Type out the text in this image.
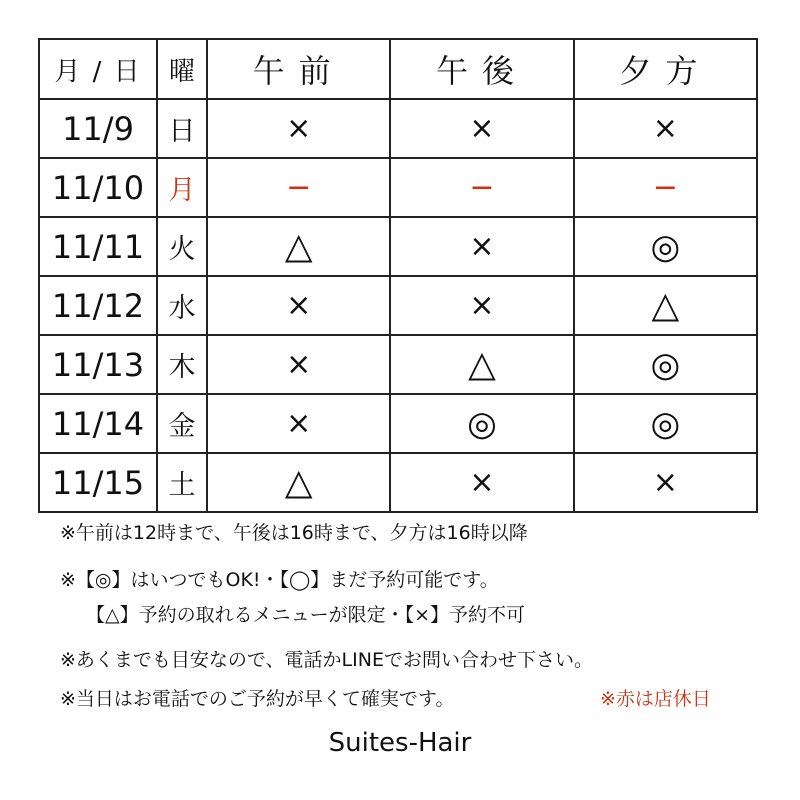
月 / 日	曜	午前	午後	夕方
11/9	日	×	×	×
11/10	月	−	−	−
11/11	火	△	×	◎
11/12	水	×	×	△
11/13	木	×	△	◎
11/14	金	×	◎	◎
11/15	土	△	×	×
※午前は12時まで、午後は16時まで、夕方は16時以降
※【◎】はいつでもOK!・【◯】まだ予約可能です。
【△】予約の取れるメニューが限定・【×】予約不可
※あくまでも目安なので、電話かLINEでお問い合わせ下さい。
※当日はお電話でのご予約が早くて確実です。	※赤は店休日
Suites-Hair
